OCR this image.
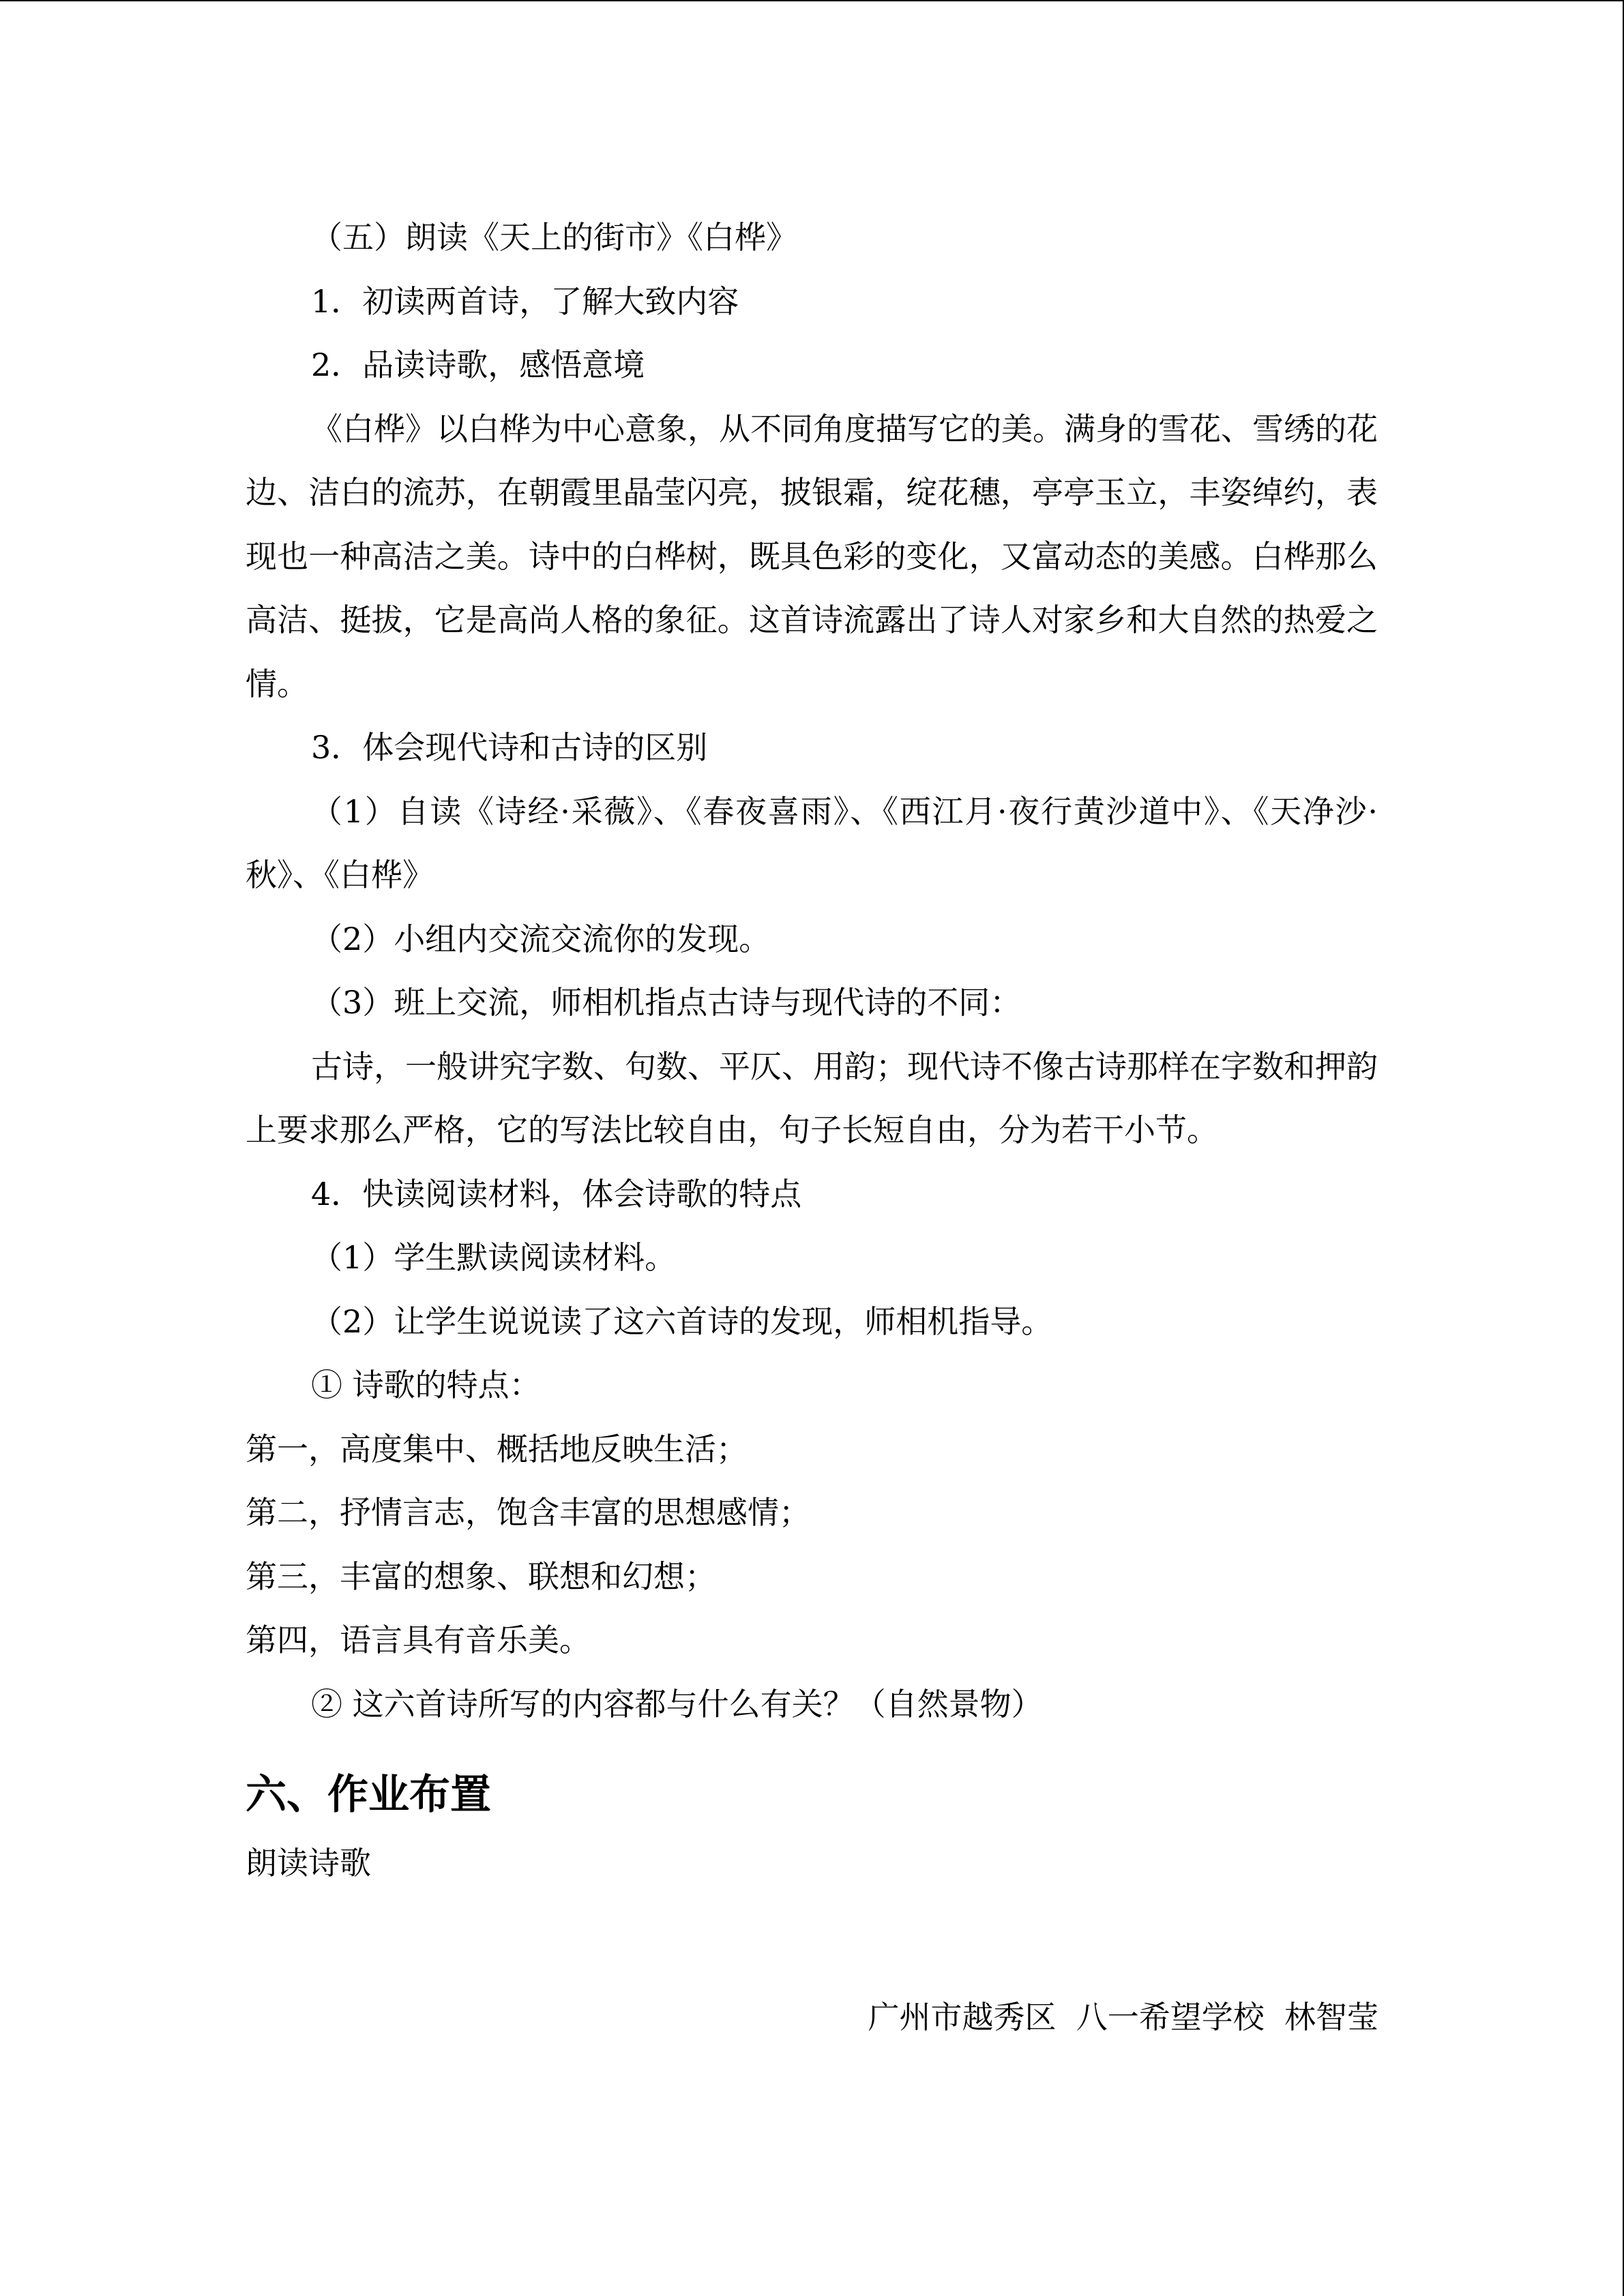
（五）朗读《天上的街市》《白桦》
1．初读两首诗，了解大致内容
2．品读诗歌，感悟意境
《白桦》以白桦为中心意象，从不同角度描写它的美。满身的雪花、雪绣的花边、洁白的流苏，在朝霞里晶莹闪亮，披银霜，绽花穗，亭亭玉立，丰姿绰约，表现也一种高洁之美。诗中的白桦树，既具色彩的变化，又富动态的美感。白桦那么高洁、挺拔，它是高尚人格的象征。这首诗流露出了诗人对家乡和大自然的热爱之情。
3．体会现代诗和古诗的区别
（1）自读《诗经·采薇》、《春夜喜雨》、《西江月·夜行黄沙道中》、《天净沙·秋》、《白桦》
（2）小组内交流交流你的发现。
（3）班上交流，师相机指点古诗与现代诗的不同：
古诗，一般讲究字数、句数、平仄、用韵；现代诗不像古诗那样在字数和押韵上要求那么严格，它的写法比较自由，句子长短自由，分为若干小节。
4．快读阅读材料，体会诗歌的特点
（1）学生默读阅读材料。
（2）让学生说说读了这六首诗的发现，师相机指导。
① 诗歌的特点：
第一，高度集中、概括地反映生活；
第二，抒情言志，饱含丰富的思想感情；
第三，丰富的想象、联想和幻想；
第四，语言具有音乐美。
② 这六首诗所写的内容都与什么有关？（自然景物）
六、作业布置
朗读诗歌
广州市越秀区  八一希望学校  林智莹
